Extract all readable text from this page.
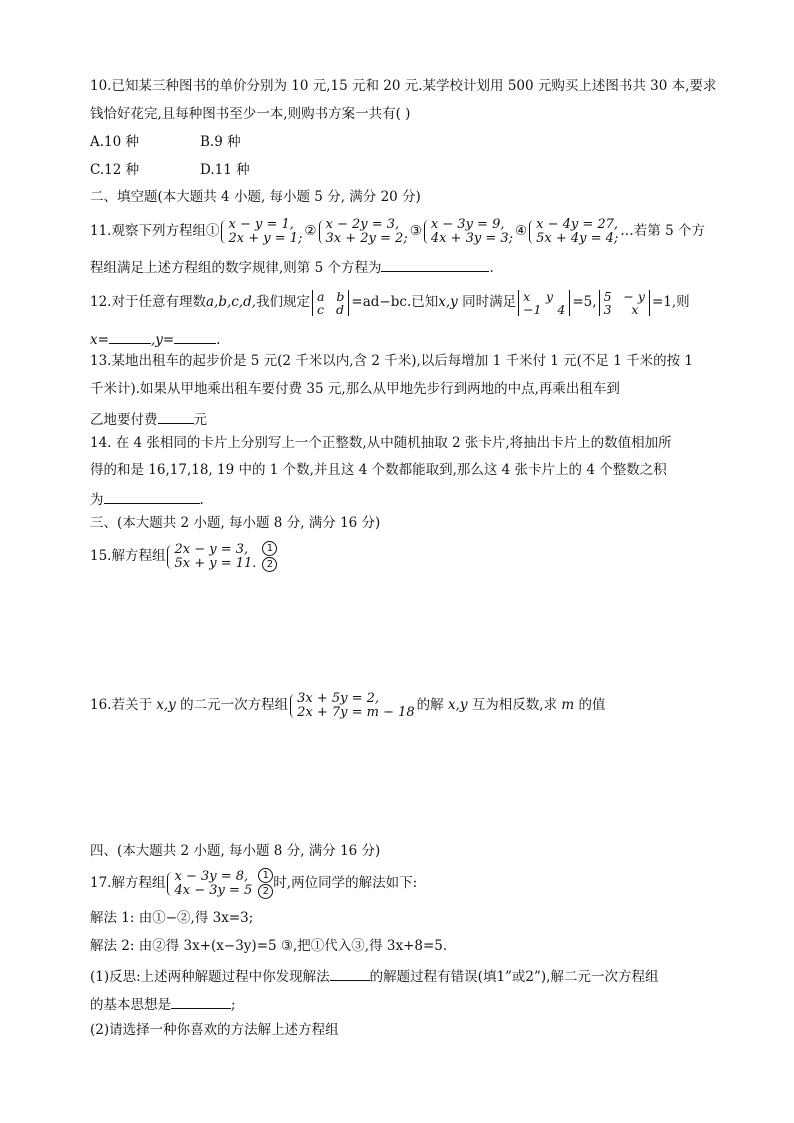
10.已知某三种图书的单价分别为 10 元,15 元和 20 元.某学校计划用 500 元购买上述图书共 30 本,要求
钱恰好花完,且每种图书至少一本,则购书方案一共有( )
A.10 种	B.9 种
C.12 种	D.11 种
二、填空题(本大题共 4 小题, 每小题 5 分, 满分 20 分)
11.观察下列方程组① x − y = 1,
2x + y = 1; ② x − 2y = 3,
3x + 2y = 2; ③ x − 3y = 9,
4x + 3y = 3; ④ x − 4y = 27,
5x + 4y = 4; …若第 5 个方
程组满足上述方程组的数字规律,则第 5 个方程为	.
12.对于任意有理数a,b,c,d,我们规定 a   b
c   d =ad−bc.已知x,y 同时满足 x    y
−1    4 =5, 5   − y
3     x	=1,则
x=	,y=	.
13.某地出租车的起步价是 5 元(2 千米以内,含 2 千米),以后每增加 1 千米付 1 元(不足 1 千米的按 1
千米计).如果从甲地乘出租车要付费 35 元,那么从甲地先步行到两地的中点,再乘出租车到
乙地要付费	元
14. 在 4 张相同的卡片上分别写上一个正整数,从中随机抽取 2 张卡片,将抽出卡片上的数值相加所
得的和是 16,17,18, 19 中的 1 个数,并且这 4 个数都能取到,那么这 4 张卡片上的 4 个整数之积
为	.
三、(本大题共 2 小题, 每小题 8 分, 满分 16 分)
15.解方程组 2x − y = 3,
5x + y = 11. $\frac{1}{2}$
16.若关于 x,y 的二元一次方程组 3x + 5y = 2,
2x + 7y = m − 18 的解 x,y 互为相反数,求 m 的值
四、(本大题共 2 小题, 每小题 8 分, 满分 16 分)
17.解方程组 x − 3y = 8,
$4x - 3y = 5 \frac{1}{2}$ 时,两位同学的解法如下:
解法 1: 由①−②,得 3x=3;
解法 2: 由②得 3x+(x−3y)=5 ③,把①代入③,得 3x+8=5.
(1)反思:上述两种解题过程中你发现解法	的解题过程有错误(填1”或2”),解二元一次方程组
的基本思想是	;
(2)请选择一种你喜欢的方法解上述方程组
